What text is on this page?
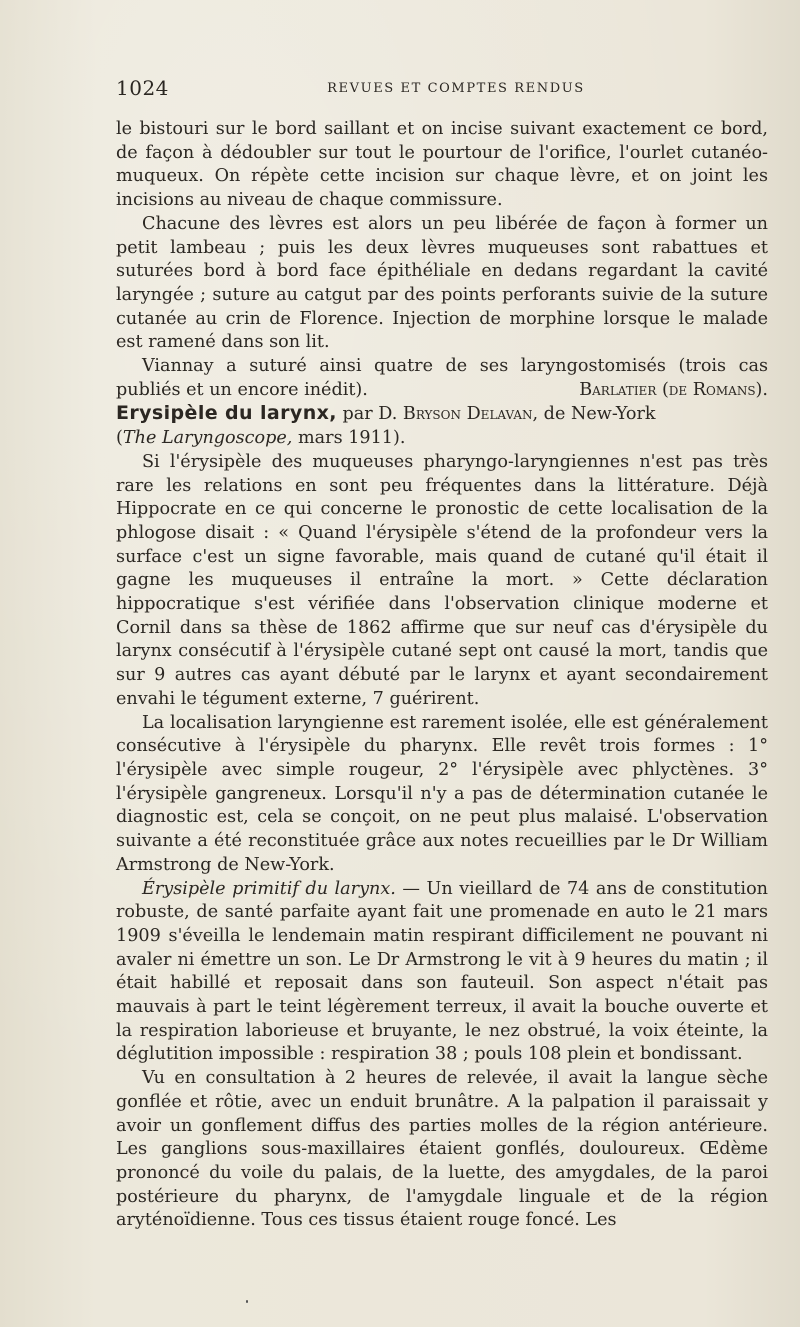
1024	REVUES ET COMPTES RENDUS

le bistouri sur le bord saillant et on incise suivant exactement ce bord, de façon à dédoubler sur tout le pourtour de l'orifice, l'ourlet cutanéo-muqueux. On répète cette incision sur chaque lèvre, et on joint les incisions au niveau de chaque commissure.

Chacune des lèvres est alors un peu libérée de façon à former un petit lambeau ; puis les deux lèvres muqueuses sont rabattues et suturées bord à bord face épithéliale en dedans regardant la cavité laryngée ; suture au catgut par des points perforants suivie de la suture cutanée au crin de Florence. Injection de morphine lorsque le malade est ramené dans son lit.

Viannay a suturé ainsi quatre de ses laryngostomisés (trois cas publiés et un encore inédit).	Barlatier (de Romans).

Erysipèle du larynx, par D. Bryson Delavan, de New-York
(The Laryngoscope, mars 1911).

Si l'érysipèle des muqueuses pharyngo-laryngiennes n'est pas très rare les relations en sont peu fréquentes dans la littérature. Déjà Hippocrate en ce qui concerne le pronostic de cette localisation de la phlogose disait : « Quand l'érysipèle s'étend de la profondeur vers la surface c'est un signe favorable, mais quand de cutané qu'il était il gagne les muqueuses il entraîne la mort. » Cette déclaration hippocratique s'est vérifiée dans l'observation clinique moderne et Cornil dans sa thèse de 1862 affirme que sur neuf cas d'érysipèle du larynx consécutif à l'érysipèle cutané sept ont causé la mort, tandis que sur 9 autres cas ayant débuté par le larynx et ayant secondairement envahi le tégument externe, 7 guérirent.

La localisation laryngienne est rarement isolée, elle est généralement consécutive à l'érysipèle du pharynx. Elle revêt trois formes : 1° l'érysipèle avec simple rougeur, 2° l'érysipèle avec phlyctènes. 3° l'érysipèle gangreneux. Lorsqu'il n'y a pas de détermination cutanée le diagnostic est, cela se conçoit, on ne peut plus malaisé. L'observation suivante a été reconstituée grâce aux notes recueillies par le Dr William Armstrong de New-York.

Érysipèle primitif du larynx. — Un vieillard de 74 ans de constitution robuste, de santé parfaite ayant fait une promenade en auto le 21 mars 1909 s'éveilla le lendemain matin respirant difficilement ne pouvant ni avaler ni émettre un son. Le Dr Armstrong le vit à 9 heures du matin ; il était habillé et reposait dans son fauteuil. Son aspect n'était pas mauvais à part le teint légèrement terreux, il avait la bouche ouverte et la respiration laborieuse et bruyante, le nez obstrué, la voix éteinte, la déglutition impossible : respiration 38 ; pouls 108 plein et bondissant.

Vu en consultation à 2 heures de relevée, il avait la langue sèche gonflée et rôtie, avec un enduit brunâtre. A la palpation il paraissait y avoir un gonflement diffus des parties molles de la région antérieure. Les ganglions sous-maxillaires étaient gonflés, douloureux. Œdème prononcé du voile du palais, de la luette, des amygdales, de la paroi postérieure du pharynx, de l'amygdale linguale et de la région aryténoïdienne. Tous ces tissus étaient rouge foncé. Les
